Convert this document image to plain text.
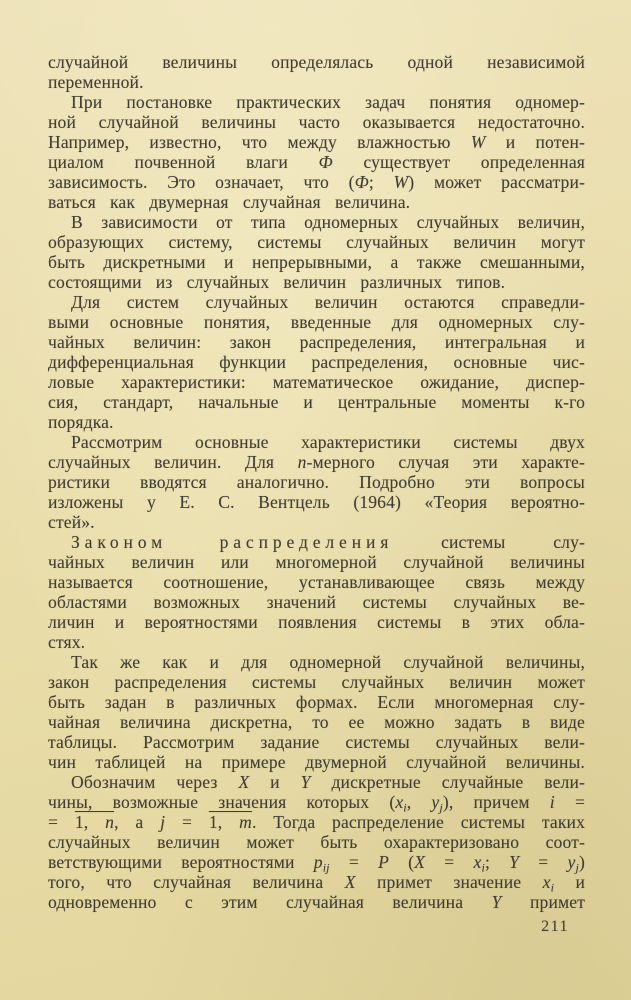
случайной величины определялась одной независимой
переменной.
При постановке практических задач понятия одномер-
ной случайной величины часто оказывается недостаточно.
Например, известно, что между влажностью W и потен-
циалом почвенной влаги Ф существует определенная
зависимость. Это означает, что (Ф; W) может рассматри-
ваться как двумерная случайная величина.
В зависимости от типа одномерных случайных величин,
образующих систему, системы случайных величин могут
быть дискретными и непрерывными, а также смешанными,
состоящими из случайных величин различных типов.
Для систем случайных величин остаются справедли-
выми основные понятия, введенные для одномерных слу-
чайных величин: закон распределения, интегральная и
дифференциальная функции распределения, основные чис-
ловые характеристики: математическое ожидание, диспер-
сия, стандарт, начальные и центральные моменты к-го
порядка.
Рассмотрим основные характеристики системы двух
случайных величин. Для n-мерного случая эти характе-
ристики вводятся аналогично. Подробно эти вопросы
изложены у Е. С. Вентцель (1964) «Теория вероятно-
стей».
Законом распределения системы слу-
чайных величин или многомерной случайной величины
называется соотношение, устанавливающее связь между
областями возможных значений системы случайных ве-
личин и вероятностями появления системы в этих обла-
стях.
Так же как и для одномерной случайной величины,
закон распределения системы случайных величин может
быть задан в различных формах. Если многомерная слу-
чайная величина дискретна, то ее можно задать в виде
таблицы. Рассмотрим задание системы случайных вели-
чин таблицей на примере двумерной случайной величины.
Обозначим через X и Y дискретные случайные вели-
чины, возможные значения которых (xi, yj), причем i =
= 1, $\overline{n}$, а j = 1, $\overline{m}$. Тогда распределение системы таких
случайных величин может быть охарактеризовано соот-
ветствующими вероятностями pij = P (X = xi; Y = yj)
того, что случайная величина X примет значение xi и
одновременно с этим случайная величина Y примет
211
